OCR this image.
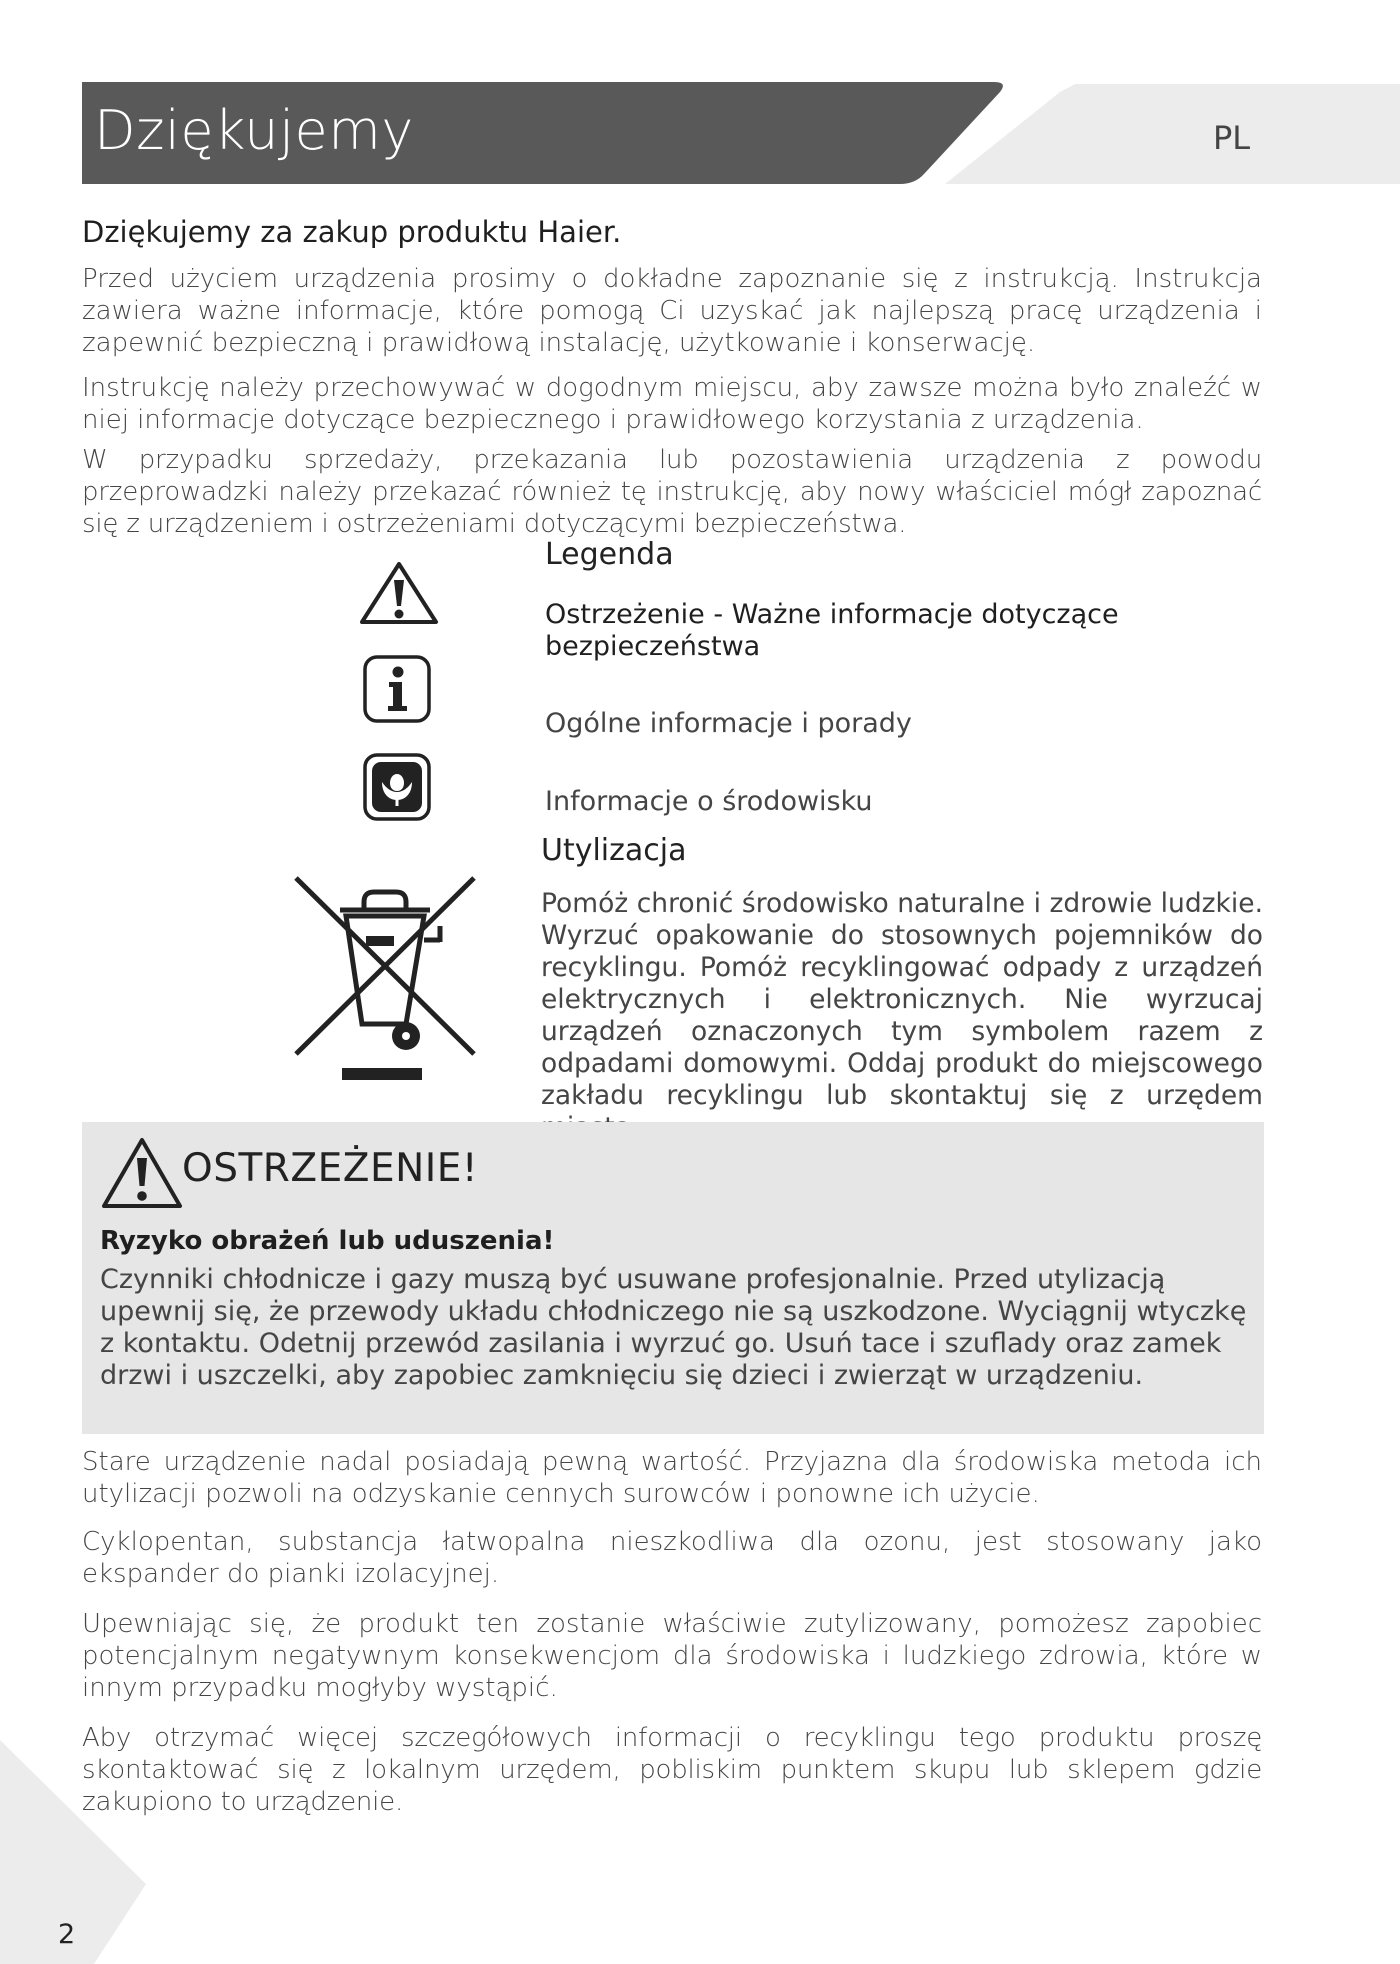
Dziękujemy	PL
Dziękujemy za zakup produktu Haier.

Przed użyciem urządzenia prosimy o dokładne zapoznanie się z instrukcją. Instrukcja zawiera ważne informacje, które pomogą Ci uzyskać jak najlepszą pracę urządzenia i zapewnić bezpieczną i prawidłową instalację, użytkowanie i konserwację.

Instrukcję należy przechowywać w dogodnym miejscu, aby zawsze można było znaleźć w niej informacje dotyczące bezpiecznego i prawidłowego korzystania z urządzenia.

W przypadku sprzedaży, przekazania lub pozostawienia urządzenia z powodu przeprowadzki należy przekazać również tę instrukcję, aby nowy właściciel mógł zapoznać się z urządzeniem i ostrzeżeniami dotyczącymi bezpieczeństwa.

Legenda
Ostrzeżenie - Ważne informacje dotyczące bezpieczeństwa
Ogólne informacje i porady
Informacje o środowisku
Utylizacja

Pomóż chronić środowisko naturalne i zdrowie ludzkie. Wyrzuć opakowanie do stosownych pojemników do recyklingu. Pomóż recyklingować odpady z urządzeń elektrycznych i elektronicznych. Nie wyrzucaj urządzeń oznaczonych tym symbolem razem z odpadami domowymi. Oddaj produkt do miejscowego zakładu recyklingu lub skontaktuj się z urzędem

OSTRZEŻENIE!
Ryzyko obrażeń lub uduszenia!

Czynniki chłodnicze i gazy muszą być usuwane profesjonalnie. Przed utylizacją upewnij się, że przewody układu chłodniczego nie są uszkodzone. Wyciągnij wtyczkę z kontaktu. Odetnij przewód zasilania i wyrzuć go. Usuń tace i szuflady oraz zamek drzwi i uszczelki, aby zapobiec zamknięciu się dzieci i zwierząt w urządzeniu.

Stare urządzenie nadal posiadają pewną wartość. Przyjazna dla środowiska metoda ich utylizacji pozwoli na odzyskanie cennych surowców i ponowne ich użycie.

Cyklopentan, substancja łatwopalna nieszkodliwa dla ozonu, jest stosowany jako ekspander do pianki izolacyjnej.

Upewniając się, że produkt ten zostanie właściwie zutylizowany, pomożesz zapobiec potencjalnym negatywnym konsekwencjom dla środowiska i ludzkiego zdrowia, które w innym przypadku mogłyby wystąpić.

Aby otrzymać więcej szczegółowych informacji o recyklingu tego produktu proszę skontaktować się z lokalnym urzędem, pobliskim punktem skupu lub sklepem gdzie zakupiono to urządzenie.

2
